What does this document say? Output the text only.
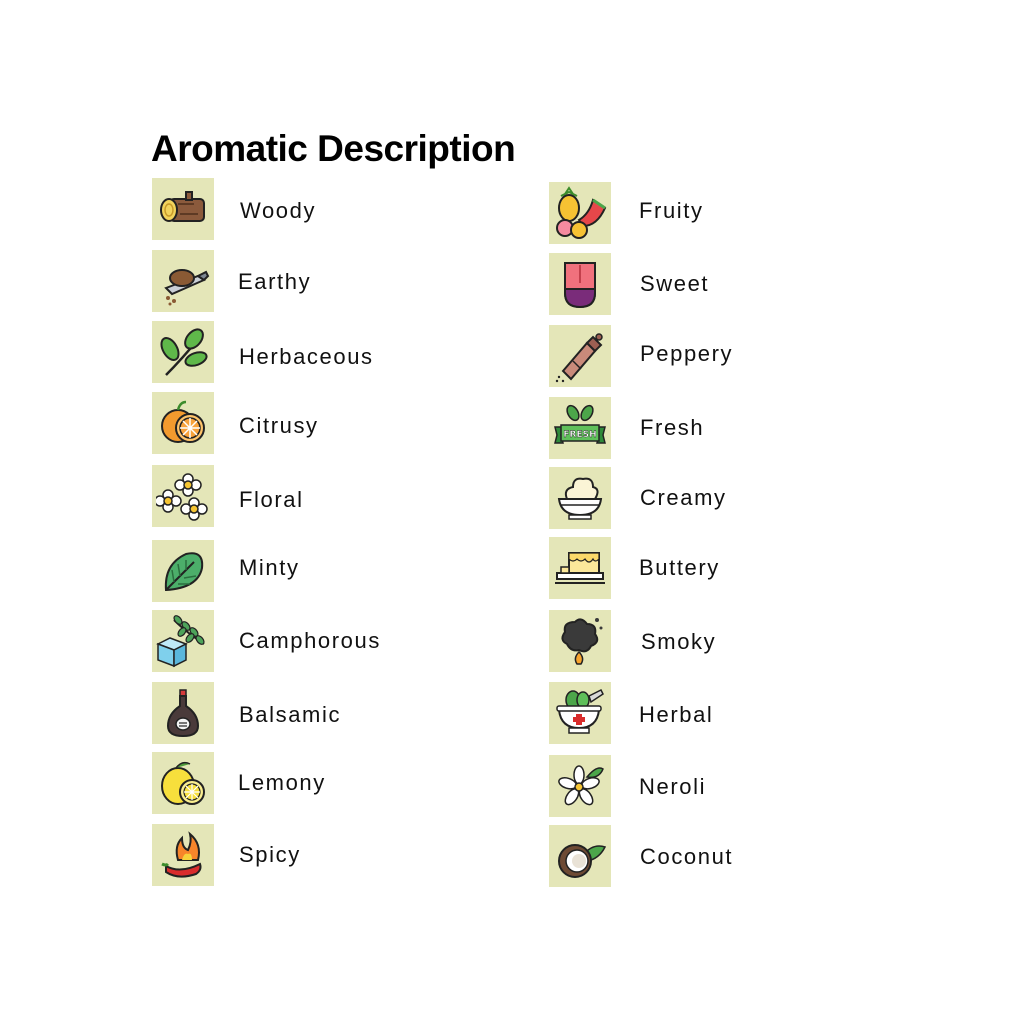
Aromatic Description
Woody
Earthy
Herbaceous
Citrusy
Floral
Minty
Camphorous
Balsamic
Lemony
Spicy
Fruity
Sweet
Peppery
FRESH Fresh
Creamy
Buttery
Smoky
Herbal
Neroli
Coconut
